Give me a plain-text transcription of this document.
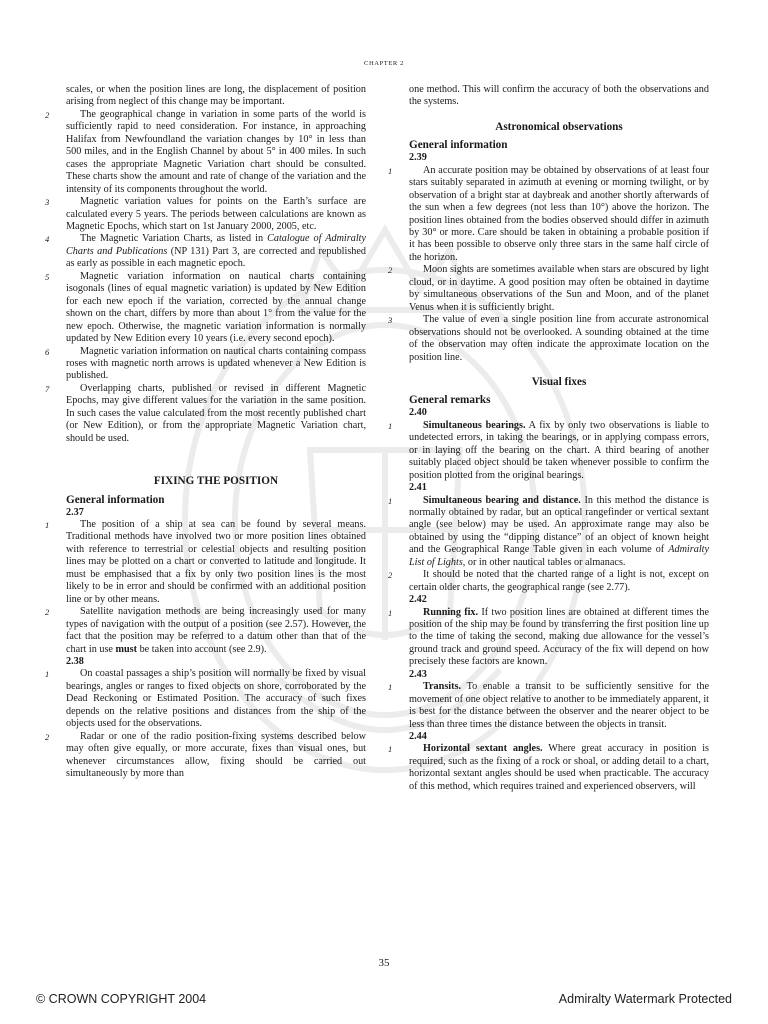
CHAPTER 2
scales, or when the position lines are long, the displacement of position arising from neglect of this change may be important.
2	The geographical change in variation in some parts of the world is sufficiently rapid to need consideration. For instance, in approaching Halifax from Newfoundland the variation changes by 10° in less than 500 miles, and in the English Channel by about 5° in 400 miles. In such cases the appropriate Magnetic Variation chart should be consulted. These charts show the amount and rate of change of the variation and the intensity of its components throughout the world.
3	Magnetic variation values for points on the Earth’s surface are calculated every 5 years. The periods between calculations are known as Magnetic Epochs, which start on 1st January 2000, 2005, etc.
4	The Magnetic Variation Charts, as listed in Catalogue of Admiralty Charts and Publications (NP 131) Part 3, are corrected and republished as early as possible in each magnetic epoch.
5	Magnetic variation information on nautical charts containing isogonals (lines of equal magnetic variation) is updated by New Edition for each new epoch if the variation, corrected by the annual change shown on the chart, differs by more than about 1° from the value for the new epoch. Otherwise, the magnetic variation information is normally updated by New Edition every 10 years (i.e. every second epoch).
6	Magnetic variation information on nautical charts containing compass roses with magnetic north arrows is updated whenever a New Edition is published.
7	Overlapping charts, published or revised in different Magnetic Epochs, may give different values for the variation in the same position. In such cases the value calculated from the most recently published chart (or New Edition), or from the appropriate Magnetic Variation chart, should be used.
FIXING THE POSITION
General information
2.37
1	The position of a ship at sea can be found by several means. Traditional methods have involved two or more position lines obtained with reference to terrestrial or celestial objects and resulting position lines may be plotted on a chart or converted to latitude and longitude. It must be emphasised that a fix by only two position lines is the most likely to be in error and should be confirmed with an additional position line or by other means.
2	Satellite navigation methods are being increasingly used for many types of navigation with the output of a position (see 2.57). However, the fact that the position may be referred to a datum other than that of the chart in use must be taken into account (see 2.9).
2.38
1	On coastal passages a ship’s position will normally be fixed by visual bearings, angles or ranges to fixed objects on shore, corroborated by the Dead Reckoning or Estimated Position. The accuracy of such fixes depends on the relative positions and distances from the ship of the objects used for the observations.
2	Radar or one of the radio position-fixing systems described below may often give equally, or more accurate, fixes than visual ones, but whenever circumstances allow, fixing should be carried out simultaneously by more than
one method. This will confirm the accuracy of both the observations and the systems.
Astronomical observations
General information
2.39
1	An accurate position may be obtained by observations of at least four stars suitably separated in azimuth at evening or morning twilight, or by observation of a bright star at daybreak and another shortly afterwards of the sun when a few degrees (not less than 10°) above the horizon. The position lines obtained from the bodies observed should differ in azimuth by 30° or more. Care should be taken in obtaining a probable position if it has been possible to observe only three stars in the same half circle of the horizon.
2	Moon sights are sometimes available when stars are obscured by light cloud, or in daytime. A good position may often be obtained in daytime by simultaneous observations of the Sun and Moon, and of the planet Venus when it is sufficiently bright.
3	The value of even a single position line from accurate astronomical observations should not be overlooked. A sounding obtained at the time of the observation may often indicate the approximate location on the position line.
Visual fixes
General remarks
2.40
1	Simultaneous bearings. A fix by only two observations is liable to undetected errors, in taking the bearings, or in applying compass errors, or in laying off the bearing on the chart. A third bearing of another suitably placed object should be taken whenever possible to confirm the position plotted from the original bearings.
2.41
1	Simultaneous bearing and distance. In this method the distance is normally obtained by radar, but an optical rangefinder or vertical sextant angle (see below) may be used. An approximate range may also be obtained by using the “dipping distance” of an object of known height and the Geographical Range Table given in each volume of Admiralty List of Lights, or in other nautical tables or almanacs.
2	It should be noted that the charted range of a light is not, except on certain older charts, the geographical range (see 2.77).
2.42
1	Running fix. If two position lines are obtained at different times the position of the ship may be found by transferring the first position line up to the time of taking the second, making due allowance for the vessel’s ground track and ground speed. Accuracy of the fix will depend on how precisely these factors are known.
2.43
1	Transits. To enable a transit to be sufficiently sensitive for the movement of one object relative to another to be immediately apparent, it is best for the distance between the observer and the nearer object to be less than three times the distance between the objects in transit.
2.44
1	Horizontal sextant angles. Where great accuracy in position is required, such as the fixing of a rock or shoal, or adding detail to a chart, horizontal sextant angles should be used when practicable. The accuracy of this method, which requires trained and experienced observers, will
35
© CROWN COPYRIGHT 2004	Admiralty Watermark Protected
